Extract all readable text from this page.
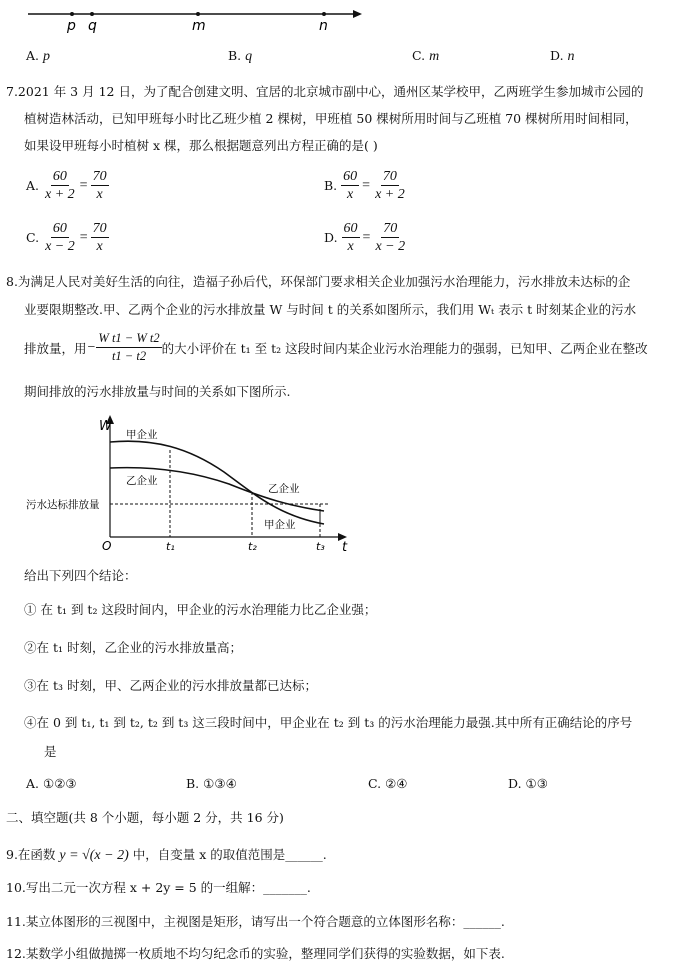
p q	m	n
A. p	B. q	C. m	D. n
7.2021 年 3 月 12 日，为了配合创建文明、宜居的北京城市副中心，通州区某学校甲，乙两班学生参加城市公园的
植树造林活动，已知甲班每小时比乙班少植 2 棵树，甲班植 50 棵树所用时间与乙班植 70 棵树所用时间相同，
如果设甲班每小时植树 x 棵，那么根据题意列出方程正确的是( )
A. $\frac{60}{x + 2} = \frac{70}{x}$	B. $\frac{60}{x} = \frac{70}{x + 2}$
C. $\frac{60}{x - 2} = \frac{70}{x}$	D. $\frac{60}{x} = \frac{70}{x - 2}$
8.为满足人民对美好生活的向往，造福子孙后代，环保部门要求相关企业加强污水治理能力，污水排放未达标的企
业要限期整改.甲、乙两个企业的污水排放量 W 与时间 t 的关系如图所示，我们用 Wₜ 表示 t 时刻某企业的污水
排放量，用 − $\frac{\text{W t1 − W t2}}{t1 - t2}$ 的大小评价在 t₁ 至 t₂ 这段时间内某企业污水治理能力的强弱，已知甲、乙两企业在整改
期间排放的污水排放量与时间的关系如下图所示.
W
t
O
污水达标排放量
甲企业
乙企业
乙企业
甲企业
t₁	t₂	t₃
给出下列四个结论：
① 在 t₁ 到 t₂ 这段时间内，甲企业的污水治理能力比乙企业强；
②在 t₁ 时刻，乙企业的污水排放量高；
③在 t₃ 时刻，甲、乙两企业的污水排放量都已达标；
④在 0 到 t₁, t₁ 到 t₂, t₂ 到 t₃ 这三段时间中，甲企业在 t₂ 到 t₃ 的污水治理能力最强.其中所有正确结论的序号
是
A. ①②③	B. ①③④	C. ②④	D. ①③
二、填空题(共 8 个小题，每小题 2 分，共 16 分)
9.在函数 y = √(x − 2) 中，自变量 x 的取值范围是______.
10.写出二元一次方程 x + 2y = 5 的一组解：_______.
11.某立体图形的三视图中，主视图是矩形，请写出一个符合题意的立体图形名称：______.
12.某数学小组做抛掷一枚质地不均匀纪念币的实验，整理同学们获得的实验数据，如下表.
